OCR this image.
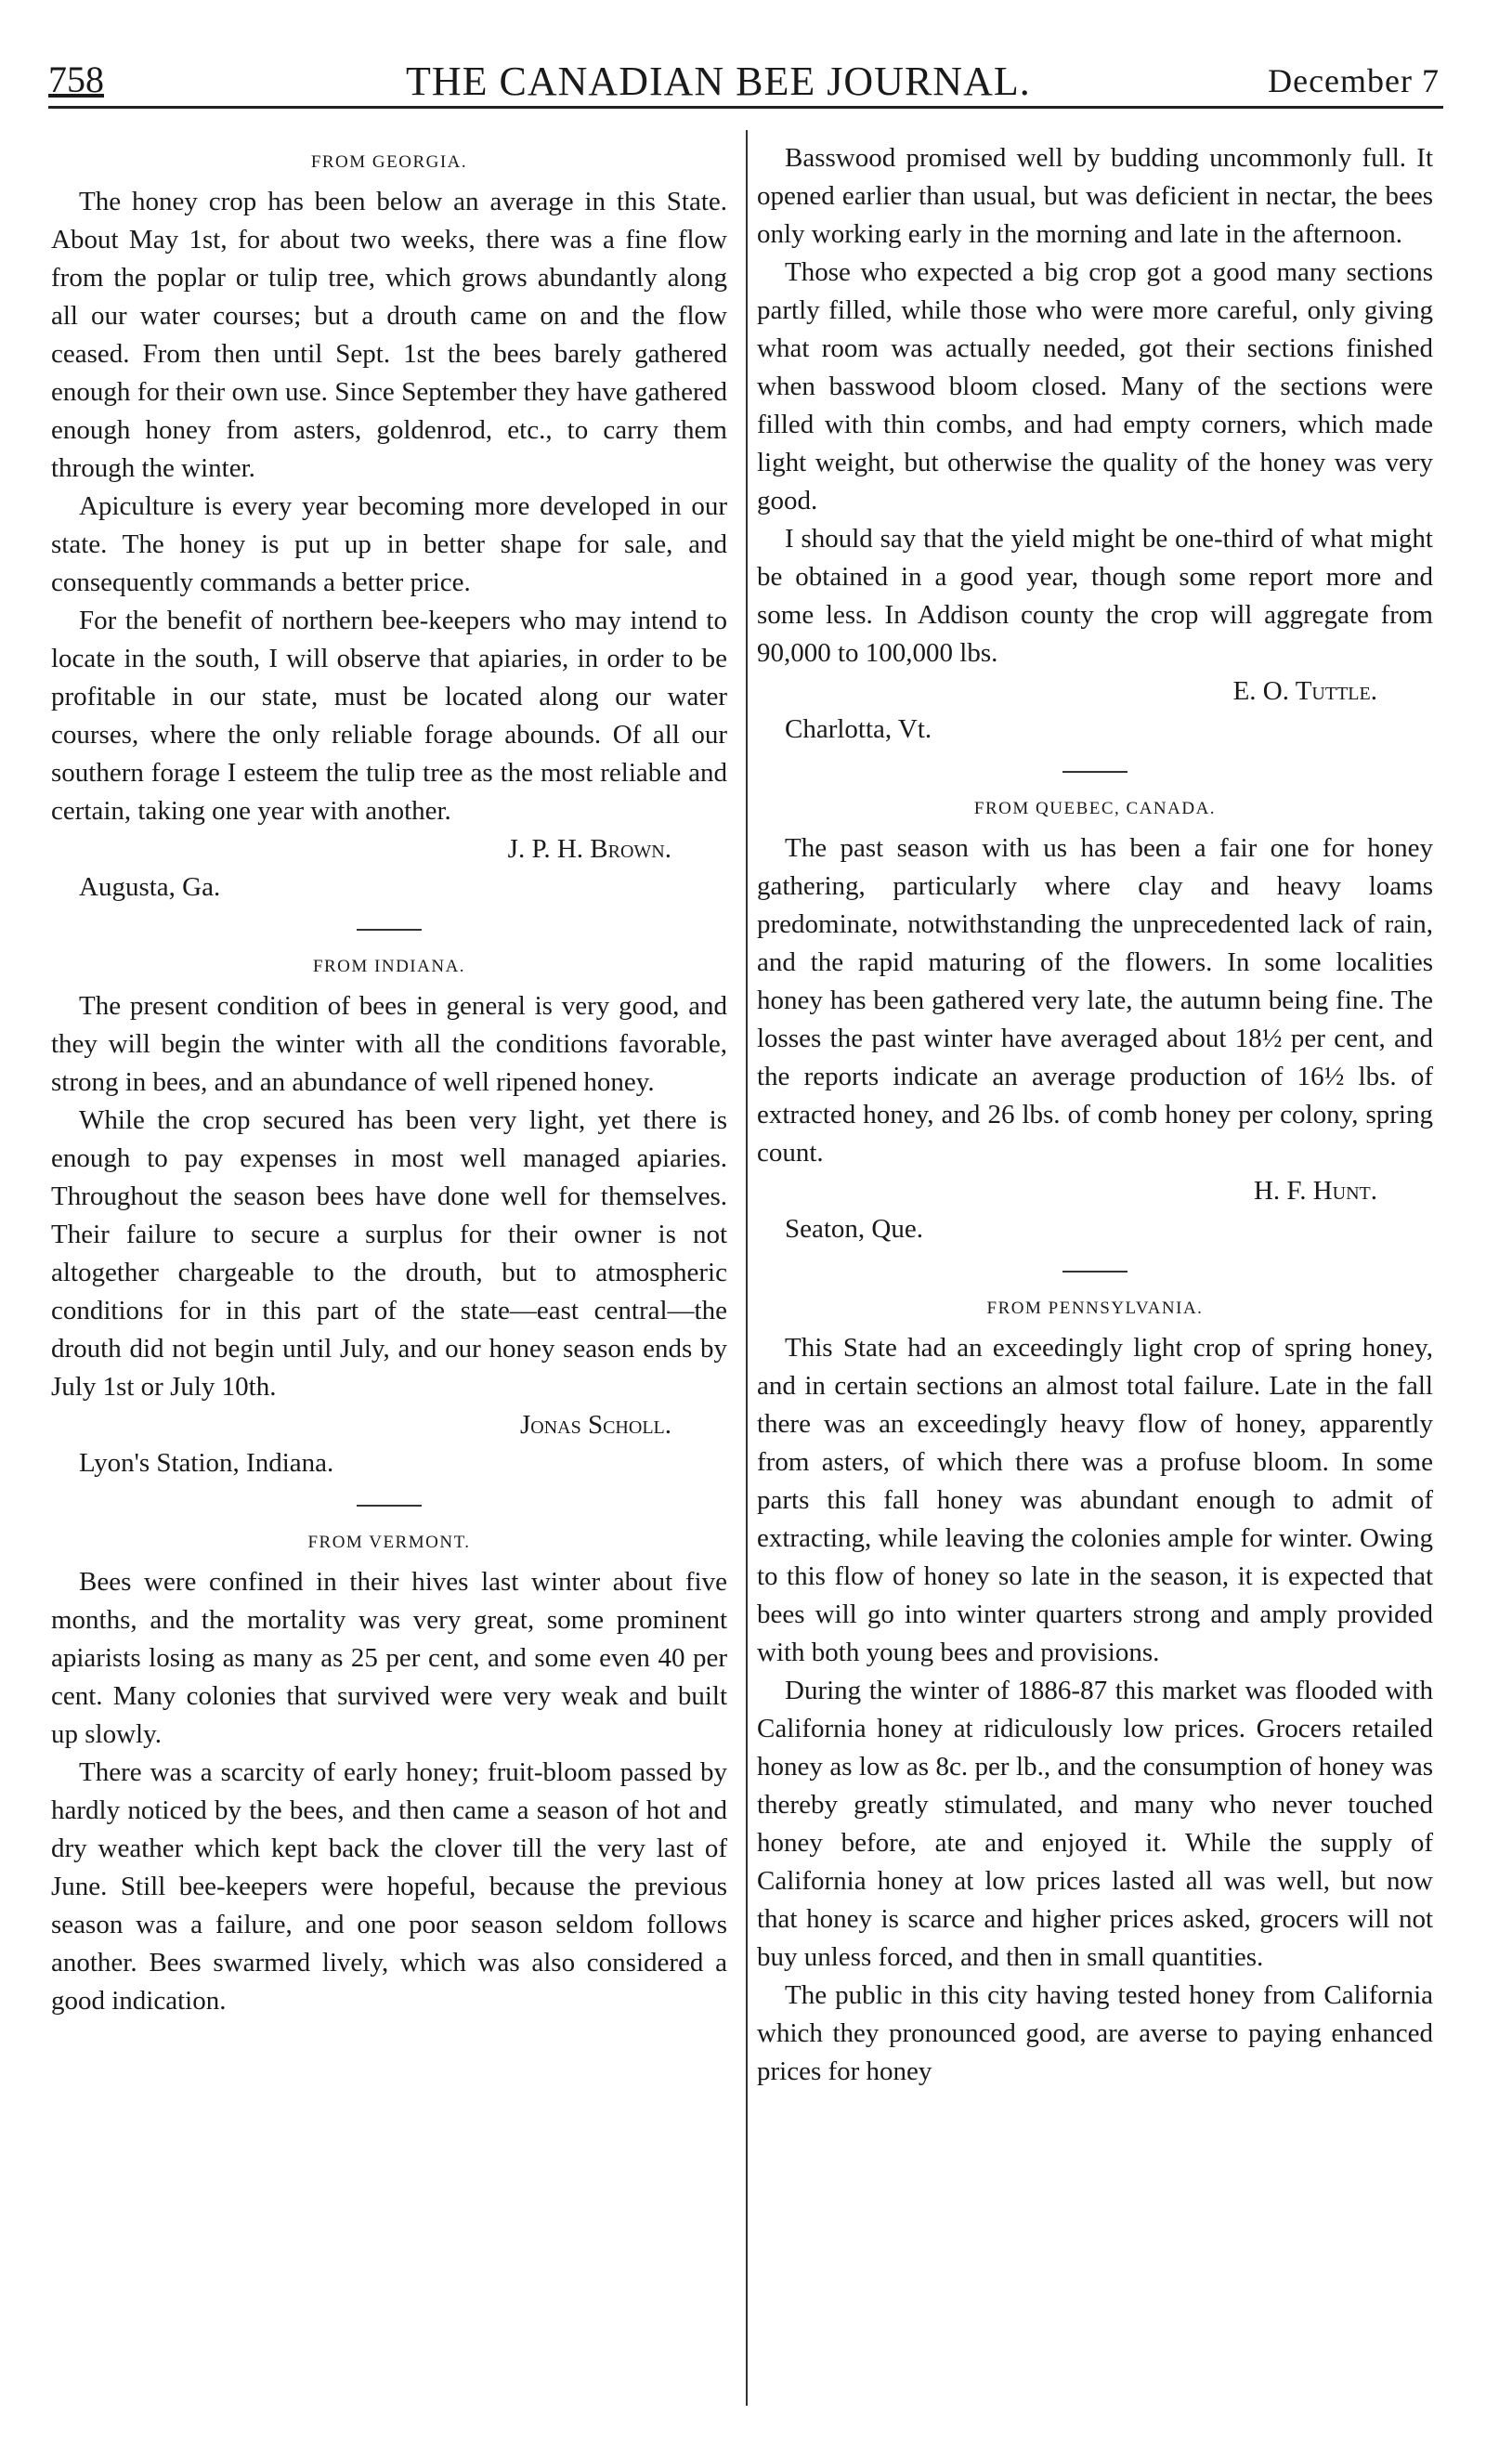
758	THE CANADIAN BEE JOURNAL.	December 7
FROM GEORGIA.

The honey crop has been below an average in this State. About May 1st, for about two weeks, there was a fine flow from the poplar or tulip tree, which grows abundantly along all our water courses; but a drouth came on and the flow ceased. From then until Sept. 1st the bees barely gathered enough for their own use. Since September they have gathered enough honey from asters, goldenrod, etc., to carry them through the winter.

Apiculture is every year becoming more developed in our state. The honey is put up in better shape for sale, and consequently commands a better price.

For the benefit of northern bee-keepers who may intend to locate in the south, I will observe that apiaries, in order to be profitable in our state, must be located along our water courses, where the only reliable forage abounds. Of all our southern forage I esteem the tulip tree as the most reliable and certain, taking one year with another.

J. P. H. Brown.

Augusta, Ga.

FROM INDIANA.

The present condition of bees in general is very good, and they will begin the winter with all the conditions favorable, strong in bees, and an abundance of well ripened honey.

While the crop secured has been very light, yet there is enough to pay expenses in most well managed apiaries. Throughout the season bees have done well for themselves. Their failure to secure a surplus for their owner is not altogether chargeable to the drouth, but to atmospheric conditions for in this part of the state—east central—the drouth did not begin until July, and our honey season ends by July 1st or July 10th.

Jonas Scholl.

Lyon's Station, Indiana.

FROM VERMONT.

Bees were confined in their hives last winter about five months, and the mortality was very great, some prominent apiarists losing as many as 25 per cent, and some even 40 per cent. Many colonies that survived were very weak and built up slowly.

There was a scarcity of early honey; fruit-bloom passed by hardly noticed by the bees, and then came a season of hot and dry weather which kept back the clover till the very last of June. Still bee-keepers were hopeful, because the previous season was a failure, and one poor season seldom follows another. Bees swarmed lively, which was also considered a good indication.

Basswood promised well by budding uncommonly full. It opened earlier than usual, but was deficient in nectar, the bees only working early in the morning and late in the afternoon.

Those who expected a big crop got a good many sections partly filled, while those who were more careful, only giving what room was actually needed, got their sections finished when basswood bloom closed. Many of the sections were filled with thin combs, and had empty corners, which made light weight, but otherwise the quality of the honey was very good.

I should say that the yield might be one-third of what might be obtained in a good year, though some report more and some less. In Addison county the crop will aggregate from 90,000 to 100,000 lbs.

E. O. Tuttle.

Charlotta, Vt.

FROM QUEBEC, CANADA.

The past season with us has been a fair one for honey gathering, particularly where clay and heavy loams predominate, notwithstanding the unprecedented lack of rain, and the rapid maturing of the flowers. In some localities honey has been gathered very late, the autumn being fine. The losses the past winter have averaged about 18½ per cent, and the reports indicate an average production of 16½ lbs. of extracted honey, and 26 lbs. of comb honey per colony, spring count.

H. F. Hunt.

Seaton, Que.

FROM PENNSYLVANIA.

This State had an exceedingly light crop of spring honey, and in certain sections an almost total failure. Late in the fall there was an exceedingly heavy flow of honey, apparently from asters, of which there was a profuse bloom. In some parts this fall honey was abundant enough to admit of extracting, while leaving the colonies ample for winter. Owing to this flow of honey so late in the season, it is expected that bees will go into winter quarters strong and amply provided with both young bees and provisions.

During the winter of 1886-87 this market was flooded with California honey at ridiculously low prices. Grocers retailed honey as low as 8c. per lb., and the consumption of honey was thereby greatly stimulated, and many who never touched honey before, ate and enjoyed it. While the supply of California honey at low prices lasted all was well, but now that honey is scarce and higher prices asked, grocers will not buy unless forced, and then in small quantities.

The public in this city having tested honey from California which they pronounced good, are averse to paying enhanced prices for honey
